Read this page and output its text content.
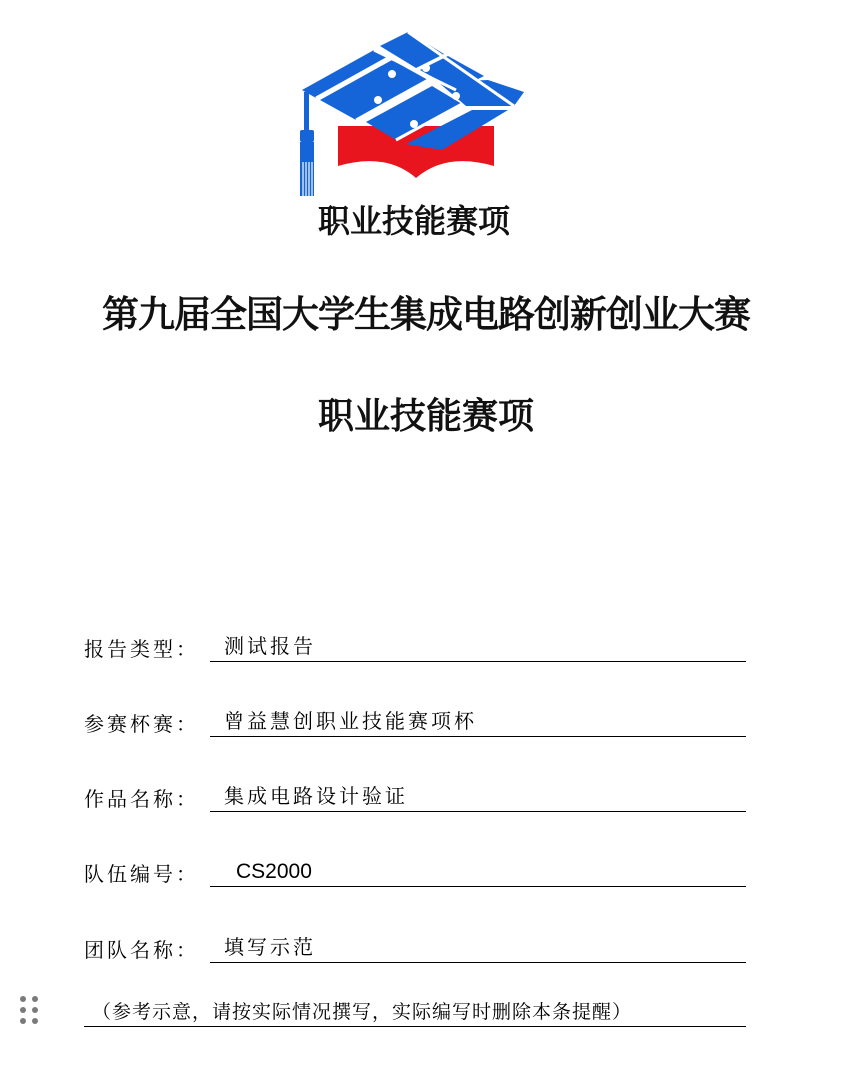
职业技能赛项
第九届全国大学生集成电路创新创业大赛
职业技能赛项
报告类型： 测试报告
参赛杯赛： 曾益慧创职业技能赛项杯
作品名称： 集成电路设计验证
队伍编号： CS2000
团队名称： 填写示范
（参考示意，请按实际情况撰写，实际编写时删除本条提醒）
